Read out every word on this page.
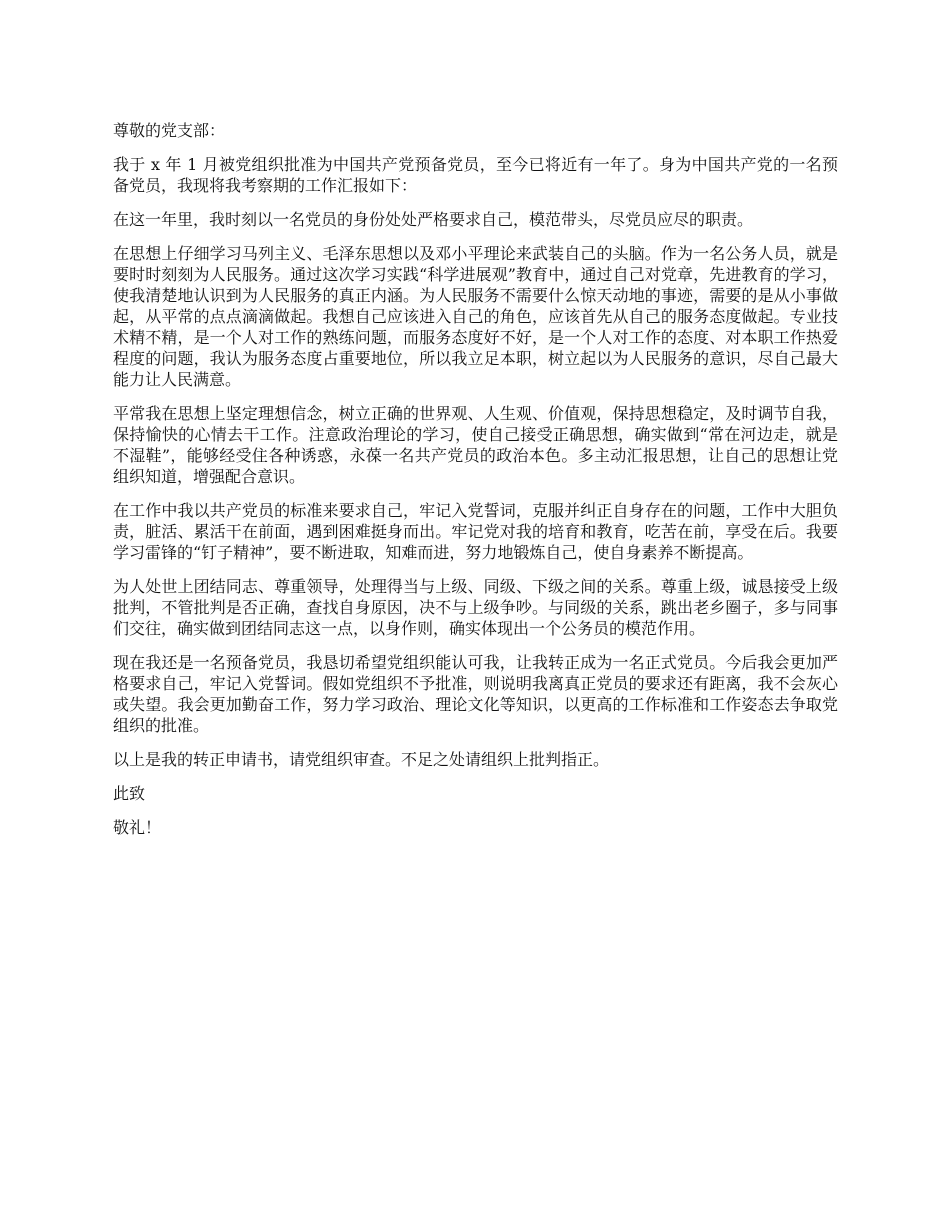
尊敬的党支部：

我于 x 年 1 月被党组织批准为中国共产党预备党员，至今已将近有一年了。身为中国共产党的一名预备党员，我现将我考察期的工作汇报如下：

在这一年里，我时刻以一名党员的身份处处严格要求自己，模范带头，尽党员应尽的职责。

在思想上仔细学习马列主义、毛泽东思想以及邓小平理论来武装自己的头脑。作为一名公务人员，就是要时时刻刻为人民服务。通过这次学习实践“科学进展观”教育中，通过自己对党章，先进教育的学习，使我清楚地认识到为人民服务的真正内涵。为人民服务不需要什么惊天动地的事迹，需要的是从小事做起，从平常的点点滴滴做起。我想自己应该进入自己的角色，应该首先从自己的服务态度做起。专业技术精不精，是一个人对工作的熟练问题，而服务态度好不好，是一个人对工作的态度、对本职工作热爱程度的问题，我认为服务态度占重要地位，所以我立足本职，树立起以为人民服务的意识，尽自己最大能力让人民满意。

平常我在思想上坚定理想信念，树立正确的世界观、人生观、价值观，保持思想稳定，及时调节自我，保持愉快的心情去干工作。注意政治理论的学习，使自己接受正确思想，确实做到“常在河边走，就是不湿鞋”，能够经受住各种诱惑，永葆一名共产党员的政治本色。多主动汇报思想，让自己的思想让党组织知道，增强配合意识。

在工作中我以共产党员的标准来要求自己，牢记入党誓词，克服并纠正自身存在的问题，工作中大胆负责，脏活、累活干在前面，遇到困难挺身而出。牢记党对我的培育和教育，吃苦在前，享受在后。我要学习雷锋的“钉子精神”，要不断进取，知难而进，努力地锻炼自己，使自身素养不断提高。

为人处世上团结同志、尊重领导，处理得当与上级、同级、下级之间的关系。尊重上级，诚恳接受上级批判，不管批判是否正确，查找自身原因，决不与上级争吵。与同级的关系，跳出老乡圈子，多与同事们交往，确实做到团结同志这一点，以身作则，确实体现出一个公务员的模范作用。

现在我还是一名预备党员，我恳切希望党组织能认可我，让我转正成为一名正式党员。今后我会更加严格要求自己，牢记入党誓词。假如党组织不予批准，则说明我离真正党员的要求还有距离，我不会灰心或失望。我会更加勤奋工作，努力学习政治、理论文化等知识，以更高的工作标准和工作姿态去争取党组织的批准。

以上是我的转正申请书，请党组织审查。不足之处请组织上批判指正。

此致

敬礼！
